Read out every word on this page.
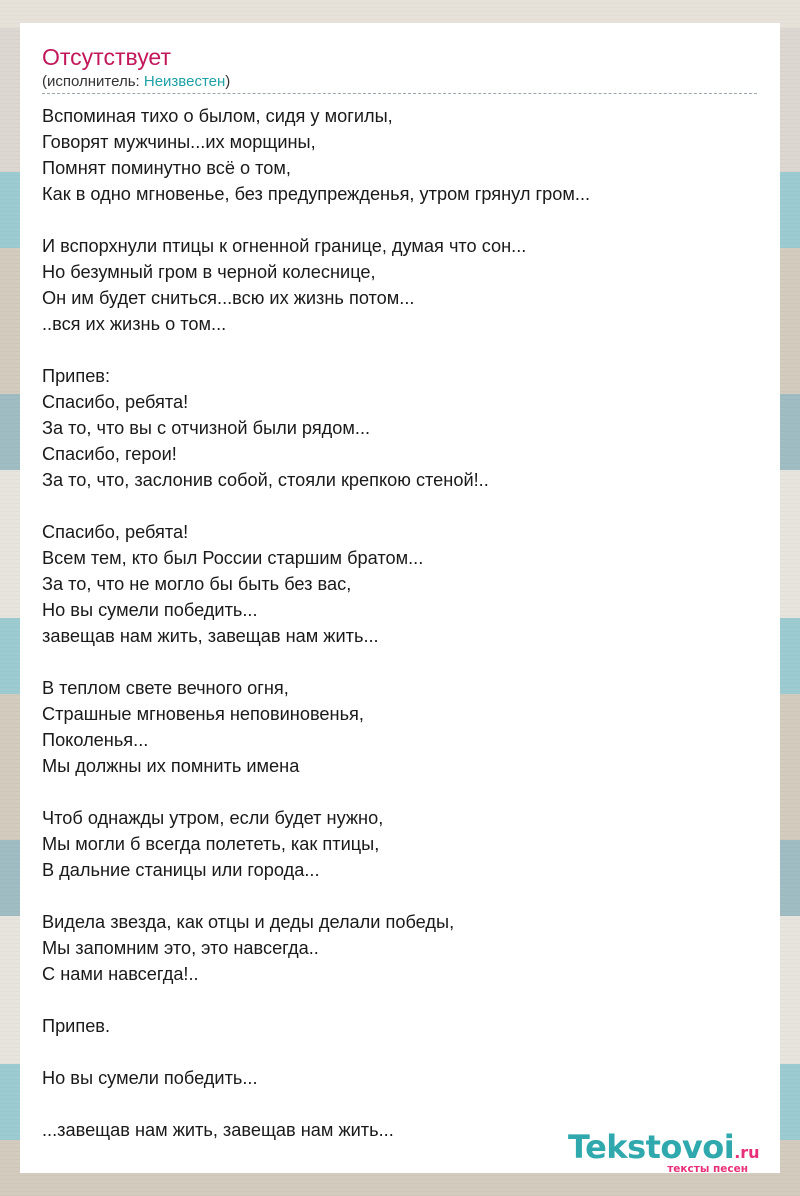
Отсутствует
(исполнитель: Неизвестен)
Вспоминая тихо о былом, сидя у могилы,
Говорят мужчины...их морщины,
Помнят поминутно всё о том,
Как в одно мгновенье, без предупрежденья, утром грянул гром...
И вспорхнули птицы к огненной границе, думая что сон...
Но безумный гром в черной колеснице,
Он им будет сниться...всю их жизнь потом...
..вся их жизнь о том...
Припев:
Спасибо, ребята!
За то, что вы с отчизной были рядом...
Спасибо, герои!
За то, что, заслонив собой, стояли крепкою стеной!..
Спасибо, ребята!
Всем тем, кто был России старшим братом...
За то, что не могло бы быть без вас,
Но вы сумели победить...
завещав нам жить, завещав нам жить...
В теплом свете вечного огня,
Страшные мгновенья неповиновенья,
Поколенья...
Мы должны их помнить имена
Чтоб однажды утром, если будет нужно,
Мы могли б всегда полететь, как птицы,
В дальние станицы или города...
Видела звезда, как отцы и деды делали победы,
Мы запомним это, это навсегда..
С нами навсегда!..
Припев.
Но вы сумели победить...
...завещав нам жить, завещав нам жить...	Tekstovoi.ru
тексты песен
